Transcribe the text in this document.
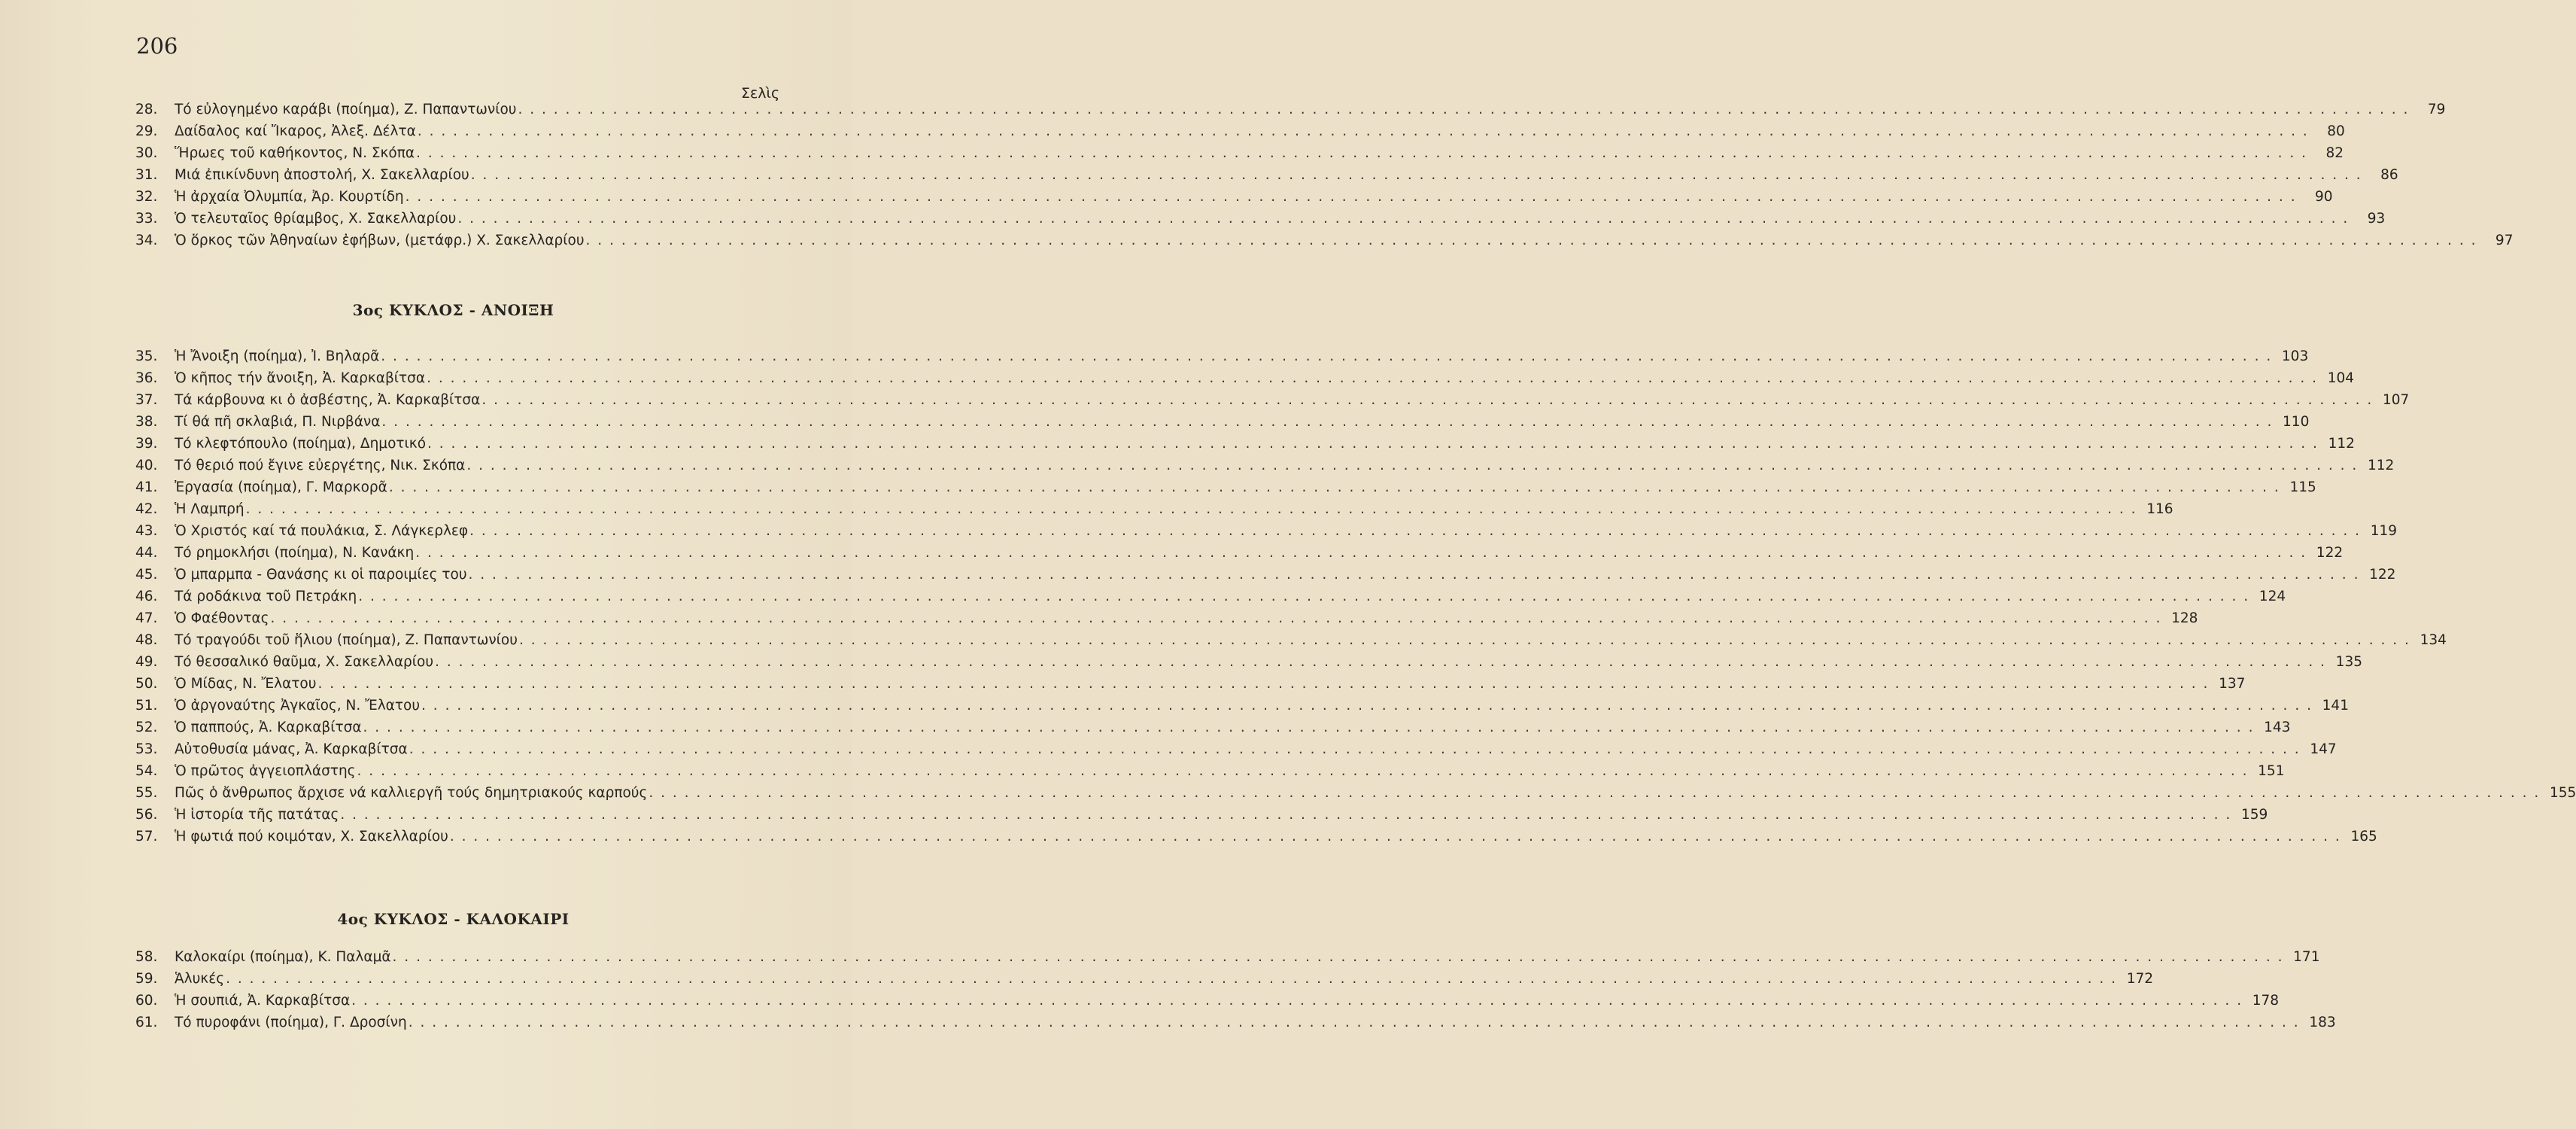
206
Σελὶς
28.	Τό εὐλογημένο καράβι (ποίημα), Ζ. Παπαντωνίου . . . . . . . . . . . . . . . . . . . . . . . . . . . . . . . . . . . . . . . . . . . . . . . . . . . . . . . . . . . . . . . . . . . . . . . . . . . . . . . . . . . . . . . . . . . . . . . . . . . . . . . . . . . . . . . . . . . . . . . . . . . . . . . . . . . . . . . . . . . . . . . . . . . . . . . . . . . . . . . .	79
29.	Δαίδαλος καί Ἴκαρος, Ἀλεξ. Δέλτα . . . . . . . . . . . . . . . . . . . . . . . . . . . . . . . . . . . . . . . . . . . . . . . . . . . . . . . . . . . . . . . . . . . . . . . . . . . . . . . . . . . . . . . . . . . . . . . . . . . . . . . . . . . . . . . . . . . . . . . . . . . . . . . . . . . . . . . . . . . . . . . . . . . . . . . . . . . . . . . .	80
30.	Ἥρωες τοῦ καθήκοντος, Ν. Σκόπα . . . . . . . . . . . . . . . . . . . . . . . . . . . . . . . . . . . . . . . . . . . . . . . . . . . . . . . . . . . . . . . . . . . . . . . . . . . . . . . . . . . . . . . . . . . . . . . . . . . . . . . . . . . . . . . . . . . . . . . . . . . . . . . . . . . . . . . . . . . . . . . . . . . . . . . . . . . . . . . .	82
31.	Μιά ἐπικίνδυνη ἀποστολή, Χ. Σακελλαρίου . . . . . . . . . . . . . . . . . . . . . . . . . . . . . . . . . . . . . . . . . . . . . . . . . . . . . . . . . . . . . . . . . . . . . . . . . . . . . . . . . . . . . . . . . . . . . . . . . . . . . . . . . . . . . . . . . . . . . . . . . . . . . . . . . . . . . . . . . . . . . . . . . . . . . . . . . . . . . . . .	86
32.	Ἡ ἀρχαία Ὀλυμπία, Ἀρ. Κουρτίδη . . . . . . . . . . . . . . . . . . . . . . . . . . . . . . . . . . . . . . . . . . . . . . . . . . . . . . . . . . . . . . . . . . . . . . . . . . . . . . . . . . . . . . . . . . . . . . . . . . . . . . . . . . . . . . . . . . . . . . . . . . . . . . . . . . . . . . . . . . . . . . . . . . . . . . . . . . . . . . . .	90
33.	Ὁ τελευταῖος θρίαμβος, Χ. Σακελλαρίου . . . . . . . . . . . . . . . . . . . . . . . . . . . . . . . . . . . . . . . . . . . . . . . . . . . . . . . . . . . . . . . . . . . . . . . . . . . . . . . . . . . . . . . . . . . . . . . . . . . . . . . . . . . . . . . . . . . . . . . . . . . . . . . . . . . . . . . . . . . . . . . . . . . . . . . . . . . . . . . .	93
34.	Ὁ ὅρκος τῶν Ἀθηναίων ἐφήβων, (μετάφρ.) Χ. Σακελλαρίου . . . . . . . . . . . . . . . . . . . . . . . . . . . . . . . . . . . . . . . . . . . . . . . . . . . . . . . . . . . . . . . . . . . . . . . . . . . . . . . . . . . . . . . . . . . . . . . . . . . . . . . . . . . . . . . . . . . . . . . . . . . . . . . . . . . . . . . . . . . . . . . . . . . . . . . . . . . . . . . .	97
3ος ΚΥΚΛΟΣ - ΑΝΟΙΞΗ
35.	Ἡ Ἄνοιξη (ποίημα), Ἰ. Βηλαρᾶ . . . . . . . . . . . . . . . . . . . . . . . . . . . . . . . . . . . . . . . . . . . . . . . . . . . . . . . . . . . . . . . . . . . . . . . . . . . . . . . . . . . . . . . . . . . . . . . . . . . . . . . . . . . . . . . . . . . . . . . . . . . . . . . . . . . . . . . . . . . . . . . . . . . . . . . . . . . . . . . . 103
36.	Ὁ κῆπος τήν ἄνοιξη, Ἀ. Καρκαβίτσα . . . . . . . . . . . . . . . . . . . . . . . . . . . . . . . . . . . . . . . . . . . . . . . . . . . . . . . . . . . . . . . . . . . . . . . . . . . . . . . . . . . . . . . . . . . . . . . . . . . . . . . . . . . . . . . . . . . . . . . . . . . . . . . . . . . . . . . . . . . . . . . . . . . . . . . . . . . . . . . . 104
37.	Τά κάρβουνα κι ὁ ἀσβέστης, Ἀ. Καρκαβίτσα . . . . . . . . . . . . . . . . . . . . . . . . . . . . . . . . . . . . . . . . . . . . . . . . . . . . . . . . . . . . . . . . . . . . . . . . . . . . . . . . . . . . . . . . . . . . . . . . . . . . . . . . . . . . . . . . . . . . . . . . . . . . . . . . . . . . . . . . . . . . . . . . . . . . . . . . . . . . . . . . 107
38.	Τί θά πῆ σκλαβιά, Π. Νιρβάνα . . . . . . . . . . . . . . . . . . . . . . . . . . . . . . . . . . . . . . . . . . . . . . . . . . . . . . . . . . . . . . . . . . . . . . . . . . . . . . . . . . . . . . . . . . . . . . . . . . . . . . . . . . . . . . . . . . . . . . . . . . . . . . . . . . . . . . . . . . . . . . . . . . . . . . . . . . . . . . . . 110
39.	Τό κλεφτόπουλο (ποίημα), Δημοτικό . . . . . . . . . . . . . . . . . . . . . . . . . . . . . . . . . . . . . . . . . . . . . . . . . . . . . . . . . . . . . . . . . . . . . . . . . . . . . . . . . . . . . . . . . . . . . . . . . . . . . . . . . . . . . . . . . . . . . . . . . . . . . . . . . . . . . . . . . . . . . . . . . . . . . . . . . . . . . . . . 112
40.	Τό θεριό πού ἔγινε εὐεργέτης, Νικ. Σκόπα . . . . . . . . . . . . . . . . . . . . . . . . . . . . . . . . . . . . . . . . . . . . . . . . . . . . . . . . . . . . . . . . . . . . . . . . . . . . . . . . . . . . . . . . . . . . . . . . . . . . . . . . . . . . . . . . . . . . . . . . . . . . . . . . . . . . . . . . . . . . . . . . . . . . . . . . . . . . . . . . 112
41.	Ἐργασία (ποίημα), Γ. Μαρκορᾶ . . . . . . . . . . . . . . . . . . . . . . . . . . . . . . . . . . . . . . . . . . . . . . . . . . . . . . . . . . . . . . . . . . . . . . . . . . . . . . . . . . . . . . . . . . . . . . . . . . . . . . . . . . . . . . . . . . . . . . . . . . . . . . . . . . . . . . . . . . . . . . . . . . . . . . . . . . . . . . . . 115
42.	Ἡ Λαμπρή . . . . . . . . . . . . . . . . . . . . . . . . . . . . . . . . . . . . . . . . . . . . . . . . . . . . . . . . . . . . . . . . . . . . . . . . . . . . . . . . . . . . . . . . . . . . . . . . . . . . . . . . . . . . . . . . . . . . . . . . . . . . . . . . . . . . . . . . . . . . . . . . . . . . . . . . . . . . . . . . 116
43.	Ὁ Χριστός καί τά πουλάκια, Σ. Λάγκερλεφ . . . . . . . . . . . . . . . . . . . . . . . . . . . . . . . . . . . . . . . . . . . . . . . . . . . . . . . . . . . . . . . . . . . . . . . . . . . . . . . . . . . . . . . . . . . . . . . . . . . . . . . . . . . . . . . . . . . . . . . . . . . . . . . . . . . . . . . . . . . . . . . . . . . . . . . . . . . . . . . . 119
44.	Τό ρημοκλήσι (ποίημα), Ν. Κανάκη . . . . . . . . . . . . . . . . . . . . . . . . . . . . . . . . . . . . . . . . . . . . . . . . . . . . . . . . . . . . . . . . . . . . . . . . . . . . . . . . . . . . . . . . . . . . . . . . . . . . . . . . . . . . . . . . . . . . . . . . . . . . . . . . . . . . . . . . . . . . . . . . . . . . . . . . . . . . . . . . 122
45.	Ὁ μπαρμπα - Θανάσης κι οἱ παροιμίες του . . . . . . . . . . . . . . . . . . . . . . . . . . . . . . . . . . . . . . . . . . . . . . . . . . . . . . . . . . . . . . . . . . . . . . . . . . . . . . . . . . . . . . . . . . . . . . . . . . . . . . . . . . . . . . . . . . . . . . . . . . . . . . . . . . . . . . . . . . . . . . . . . . . . . . . . . . . . . . . . 122
46.	Τά ροδάκινα τοῦ Πετράκη . . . . . . . . . . . . . . . . . . . . . . . . . . . . . . . . . . . . . . . . . . . . . . . . . . . . . . . . . . . . . . . . . . . . . . . . . . . . . . . . . . . . . . . . . . . . . . . . . . . . . . . . . . . . . . . . . . . . . . . . . . . . . . . . . . . . . . . . . . . . . . . . . . . . . . . . . . . . . . . . 124
47.	Ὁ Φαέθοντας . . . . . . . . . . . . . . . . . . . . . . . . . . . . . . . . . . . . . . . . . . . . . . . . . . . . . . . . . . . . . . . . . . . . . . . . . . . . . . . . . . . . . . . . . . . . . . . . . . . . . . . . . . . . . . . . . . . . . . . . . . . . . . . . . . . . . . . . . . . . . . . . . . . . . . . . . . . . . . . . 128
48.	Τό τραγούδι τοῦ ἥλιου (ποίημα), Ζ. Παπαντωνίου . . . . . . . . . . . . . . . . . . . . . . . . . . . . . . . . . . . . . . . . . . . . . . . . . . . . . . . . . . . . . . . . . . . . . . . . . . . . . . . . . . . . . . . . . . . . . . . . . . . . . . . . . . . . . . . . . . . . . . . . . . . . . . . . . . . . . . . . . . . . . . . . . . . . . . . . . . . . . . . . 134
49.	Τό θεσσαλικό θαῦμα, Χ. Σακελλαρίου . . . . . . . . . . . . . . . . . . . . . . . . . . . . . . . . . . . . . . . . . . . . . . . . . . . . . . . . . . . . . . . . . . . . . . . . . . . . . . . . . . . . . . . . . . . . . . . . . . . . . . . . . . . . . . . . . . . . . . . . . . . . . . . . . . . . . . . . . . . . . . . . . . . . . . . . . . . . . . . . 135
50.	Ὁ Μίδας, Ν. Ἔλατου . . . . . . . . . . . . . . . . . . . . . . . . . . . . . . . . . . . . . . . . . . . . . . . . . . . . . . . . . . . . . . . . . . . . . . . . . . . . . . . . . . . . . . . . . . . . . . . . . . . . . . . . . . . . . . . . . . . . . . . . . . . . . . . . . . . . . . . . . . . . . . . . . . . . . . . . . . . . . . . . 137
51.	Ὁ ἀργοναύτης Ἀγκαῖος, Ν. Ἔλατου . . . . . . . . . . . . . . . . . . . . . . . . . . . . . . . . . . . . . . . . . . . . . . . . . . . . . . . . . . . . . . . . . . . . . . . . . . . . . . . . . . . . . . . . . . . . . . . . . . . . . . . . . . . . . . . . . . . . . . . . . . . . . . . . . . . . . . . . . . . . . . . . . . . . . . . . . . . . . . . . 141
52.	Ὁ παππούς, Ἀ. Καρκαβίτσα . . . . . . . . . . . . . . . . . . . . . . . . . . . . . . . . . . . . . . . . . . . . . . . . . . . . . . . . . . . . . . . . . . . . . . . . . . . . . . . . . . . . . . . . . . . . . . . . . . . . . . . . . . . . . . . . . . . . . . . . . . . . . . . . . . . . . . . . . . . . . . . . . . . . . . . . . . . . . . . . 143
53.	Αὐτοθυσία μάνας, Ἀ. Καρκαβίτσα . . . . . . . . . . . . . . . . . . . . . . . . . . . . . . . . . . . . . . . . . . . . . . . . . . . . . . . . . . . . . . . . . . . . . . . . . . . . . . . . . . . . . . . . . . . . . . . . . . . . . . . . . . . . . . . . . . . . . . . . . . . . . . . . . . . . . . . . . . . . . . . . . . . . . . . . . . . . . . . . 147
54.	Ὁ πρῶτος ἀγγειοπλάστης . . . . . . . . . . . . . . . . . . . . . . . . . . . . . . . . . . . . . . . . . . . . . . . . . . . . . . . . . . . . . . . . . . . . . . . . . . . . . . . . . . . . . . . . . . . . . . . . . . . . . . . . . . . . . . . . . . . . . . . . . . . . . . . . . . . . . . . . . . . . . . . . . . . . . . . . . . . . . . . . 151
55.	Πῶς ὁ ἄνθρωπος ἄρχισε νά καλλιεργῆ τούς δημητριακούς καρπούς . . . . . . . . . . . . . . . . . . . . . . . . . . . . . . . . . . . . . . . . . . . . . . . . . . . . . . . . . . . . . . . . . . . . . . . . . . . . . . . . . . . . . . . . . . . . . . . . . . . . . . . . . . . . . . . . . . . . . . . . . . . . . . . . . . . . . . . . . . . . . . . . . . . . . . . . . . . . . . . . 155
56.	Ἡ ἱστορία τῆς πατάτας . . . . . . . . . . . . . . . . . . . . . . . . . . . . . . . . . . . . . . . . . . . . . . . . . . . . . . . . . . . . . . . . . . . . . . . . . . . . . . . . . . . . . . . . . . . . . . . . . . . . . . . . . . . . . . . . . . . . . . . . . . . . . . . . . . . . . . . . . . . . . . . . . . . . . . . . . . . . . . . . 159
57.	Ἡ φωτιά πού κοιμόταν, Χ. Σακελλαρίου . . . . . . . . . . . . . . . . . . . . . . . . . . . . . . . . . . . . . . . . . . . . . . . . . . . . . . . . . . . . . . . . . . . . . . . . . . . . . . . . . . . . . . . . . . . . . . . . . . . . . . . . . . . . . . . . . . . . . . . . . . . . . . . . . . . . . . . . . . . . . . . . . . . . . . . . . . . . . . . . 165
4ος ΚΥΚΛΟΣ - ΚΑΛΟΚΑΙΡΙ
58.	Καλοκαίρι (ποίημα), Κ. Παλαμᾶ . . . . . . . . . . . . . . . . . . . . . . . . . . . . . . . . . . . . . . . . . . . . . . . . . . . . . . . . . . . . . . . . . . . . . . . . . . . . . . . . . . . . . . . . . . . . . . . . . . . . . . . . . . . . . . . . . . . . . . . . . . . . . . . . . . . . . . . . . . . . . . . . . . . . . . . . . . . . . . . . 171
59.	Ἁλυκές . . . . . . . . . . . . . . . . . . . . . . . . . . . . . . . . . . . . . . . . . . . . . . . . . . . . . . . . . . . . . . . . . . . . . . . . . . . . . . . . . . . . . . . . . . . . . . . . . . . . . . . . . . . . . . . . . . . . . . . . . . . . . . . . . . . . . . . . . . . . . . . . . . . . . . . . . . . . . . . . 172
60.	Ἡ σουπιά, Ἀ. Καρκαβίτσα . . . . . . . . . . . . . . . . . . . . . . . . . . . . . . . . . . . . . . . . . . . . . . . . . . . . . . . . . . . . . . . . . . . . . . . . . . . . . . . . . . . . . . . . . . . . . . . . . . . . . . . . . . . . . . . . . . . . . . . . . . . . . . . . . . . . . . . . . . . . . . . . . . . . . . . . . . . . . . . . 178
61.	Τό πυροφάνι (ποίημα), Γ. Δροσίνη . . . . . . . . . . . . . . . . . . . . . . . . . . . . . . . . . . . . . . . . . . . . . . . . . . . . . . . . . . . . . . . . . . . . . . . . . . . . . . . . . . . . . . . . . . . . . . . . . . . . . . . . . . . . . . . . . . . . . . . . . . . . . . . . . . . . . . . . . . . . . . . . . . . . . . . . . . . . . . . . 183
